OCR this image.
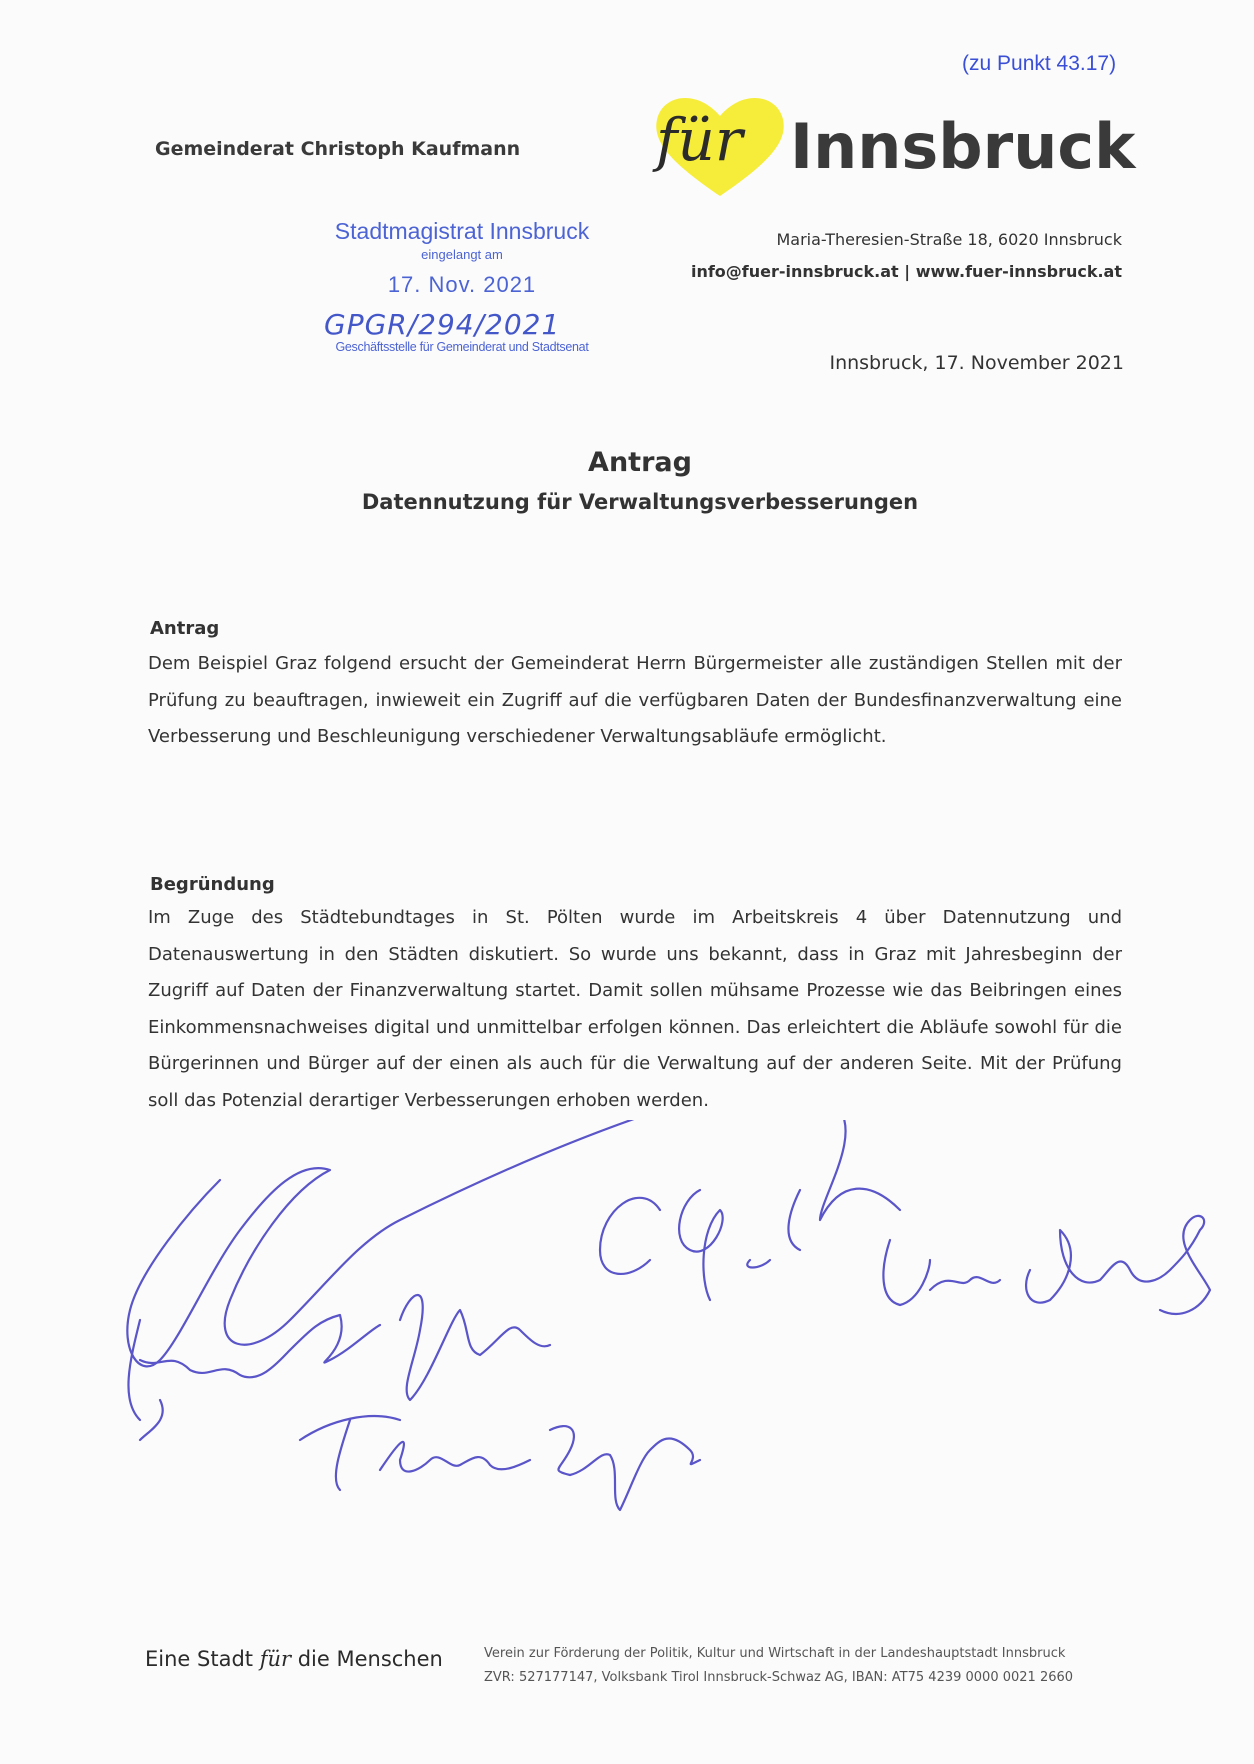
(zu Punkt 43.17)
Gemeinderat Christoph Kaufmann für Innsbruck
Maria-Theresien-Straße 18, 6020 Innsbruck
info@fuer-innsbruck.at | www.fuer-innsbruck.at
Stadtmagistrat Innsbruck
eingelangt am
17. Nov. 2021
GPGR/294/2021
Geschäftsstelle für Gemeinderat und Stadtsenat
Innsbruck, 17. November 2021
Antrag
Datennutzung für Verwaltungsverbesserungen
Antrag
Dem Beispiel Graz folgend ersucht der Gemeinderat Herrn Bürgermeister alle zuständigen Stellen mit der Prüfung zu beauftragen, inwieweit ein Zugriff auf die verfügbaren Daten der Bundesfinanzverwaltung eine Verbesserung und Beschleunigung verschiedener Verwaltungsabläufe ermöglicht.
Begründung
Im Zuge des Städtebundtages in St. Pölten wurde im Arbeitskreis 4 über Datennutzung und Datenauswertung in den Städten diskutiert. So wurde uns bekannt, dass in Graz mit Jahresbeginn der Zugriff auf Daten der Finanzverwaltung startet. Damit sollen mühsame Prozesse wie das Beibringen eines Einkommensnachweises digital und unmittelbar erfolgen können. Das erleichtert die Abläufe sowohl für die Bürgerinnen und Bürger auf der einen als auch für die Verwaltung auf der anderen Seite. Mit der Prüfung soll das Potenzial derartiger Verbesserungen erhoben werden.
Eine Stadt für die Menschen	Verein zur Förderung der Politik, Kultur und Wirtschaft in der Landeshauptstadt Innsbruck
ZVR: 527177147, Volksbank Tirol Innsbruck-Schwaz AG, IBAN: AT75 4239 0000 0021 2660
